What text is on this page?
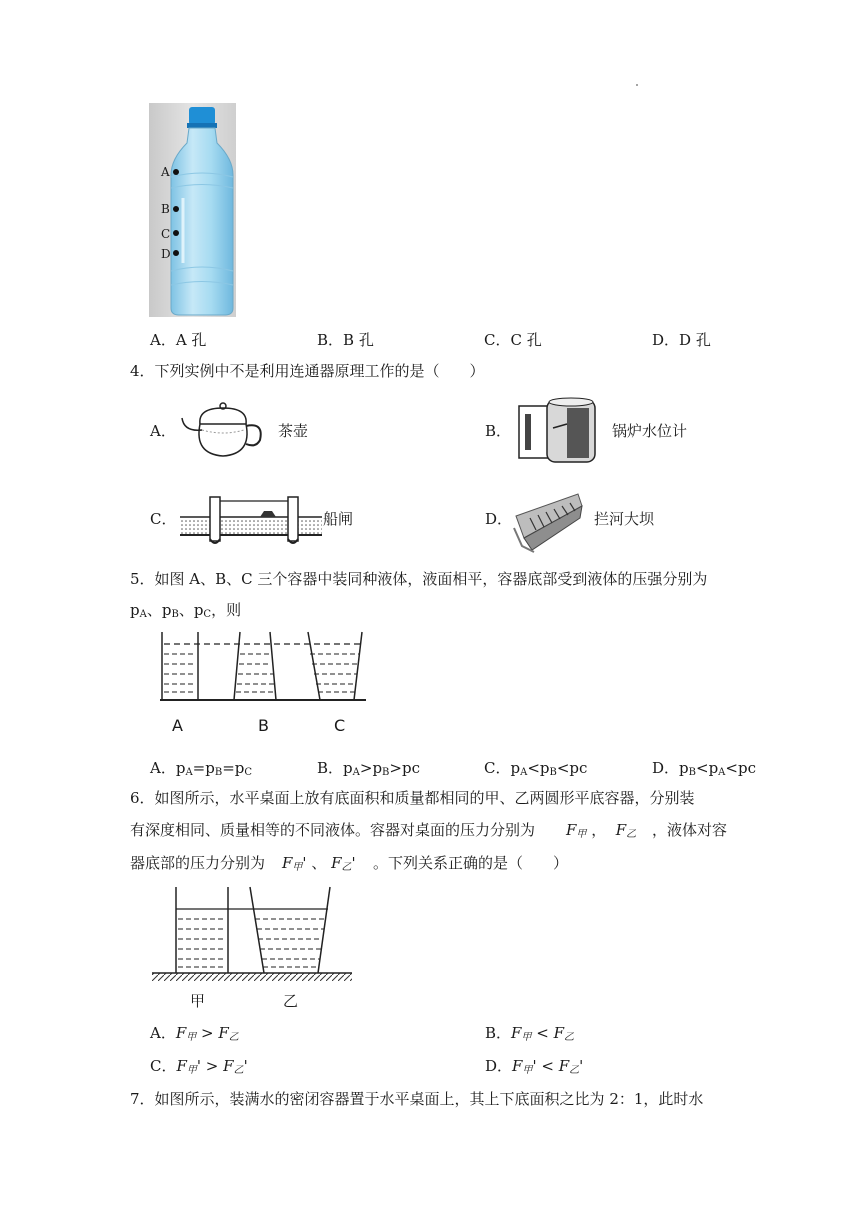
A
B
C
D
A．A 孔	B．B 孔	C．C 孔	D．D 孔
4．下列实例中不是利用连通器原理工作的是（　　）
A．	茶壶	B．	锅炉水位计
C．	船闸	D．	拦河大坝
5．如图 A、B、C 三个容器中装同种液体，液面相平，容器底部受到液体的压强分别为
$p_A$、$p_B$、$p_C$，则
A	B	C
A．$p_A=p_B=p_C$	B．$p_A>p_B>pc$	C．$p_A<p_B<pc$	D．$p_B<p_A<pc$
6．如图所示，水平桌面上放有底面积和质量都相同的甲、乙两圆形平底容器，分别装
有深度相同、质量相等的不同液体。容器对桌面的压力分别为 $F_甲$ ，  $F_乙$ ，液体对容
器底部的压力分别为 $F_甲'$ 、 $F_乙'$ 。下列关系正确的是（　　）
甲	乙
A．$F_甲 > F_乙$	B．$F_甲 < F_乙$
C．$F_甲' > F_乙'$	D．$F_甲' < F_乙'$
7．如图所示，装满水的密闭容器置于水平桌面上，其上下底面积之比为 2：1，此时水
